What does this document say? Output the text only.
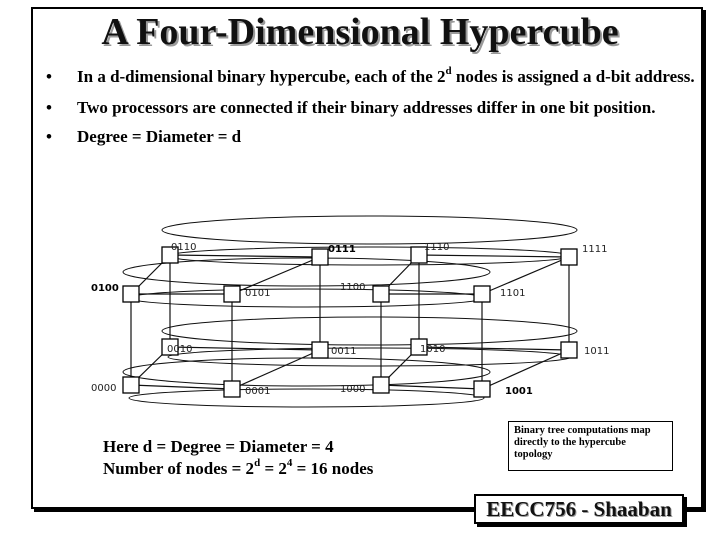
A Four-Dimensional Hypercube
• In a d-dimensional binary hypercube, each of the 2$^d$ nodes is assigned a d-bit address.
• Two processors are connected if their binary addresses differ in one bit position.
• Degree = Diameter = d
0000	0001
0010	0011
0100	0101
0110	0111
1000	1001
1010	1011
1100
1101
1110	1111
Here d = Degree = Diameter = 4
Number of nodes = $2^d = 2^4 = 16$ nodes
Binary tree computations map directly to the hypercube topology
EECC756 - Shaaban
